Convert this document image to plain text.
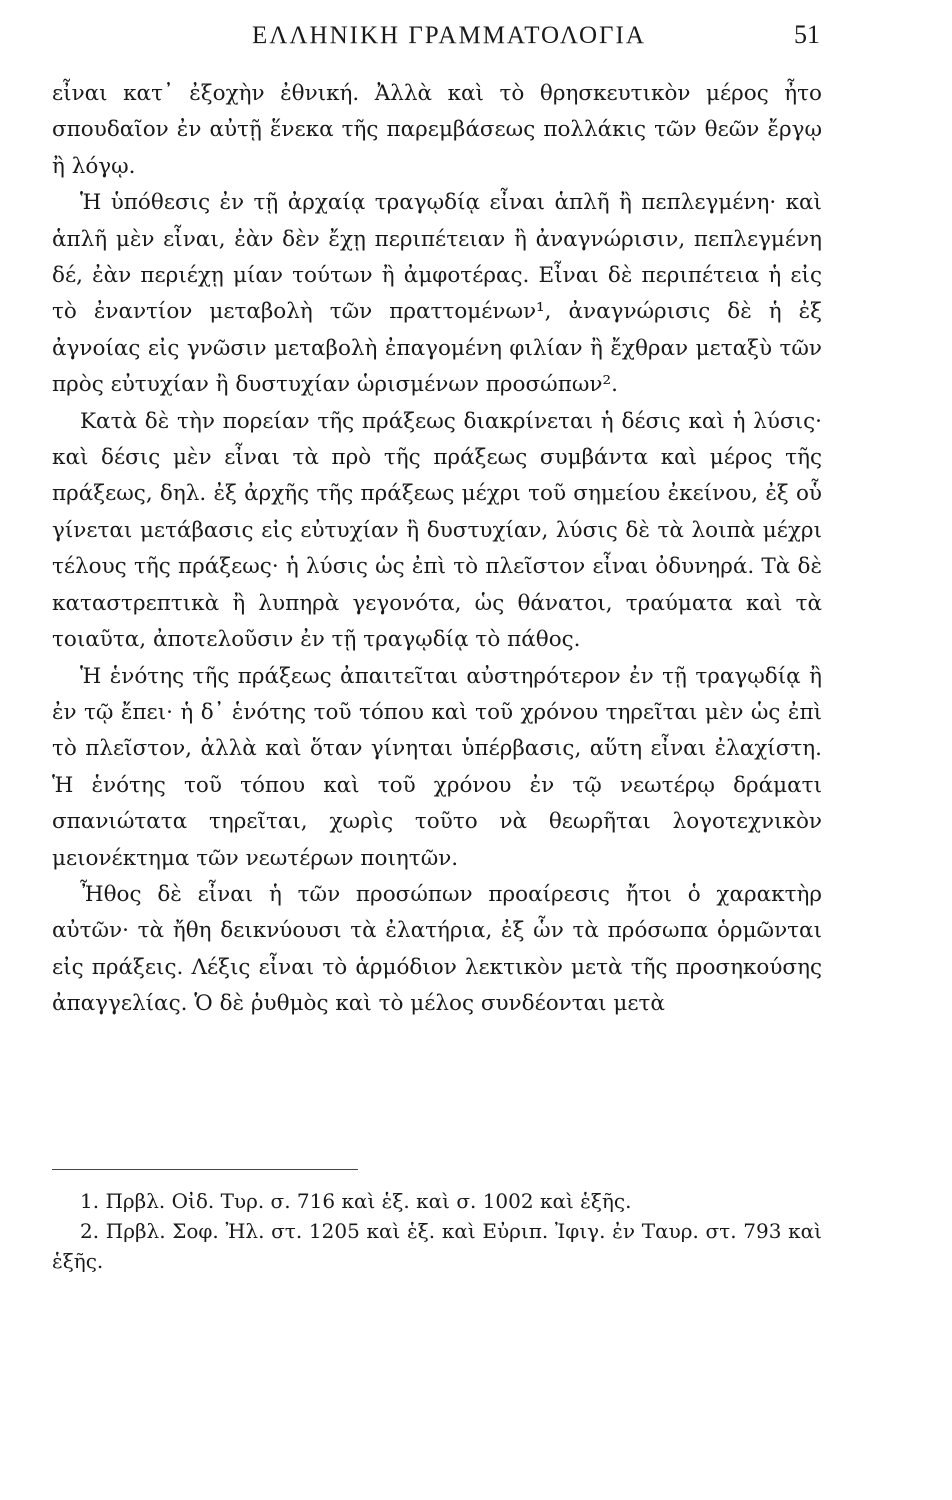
ΕΛΛΗΝΙΚΗ ΓΡΑΜΜΑΤΟΛΟΓΙΑ	51

εἶναι κατ᾿ ἐξοχὴν ἐθνική. Ἀλλὰ καὶ τὸ θρησκευτικὸν μέρος ἦτο σπουδαῖον ἐν αὐτῇ ἕνεκα τῆς παρεμβάσεως πολλάκις τῶν θεῶν ἔργῳ ἢ λόγῳ.

Ἡ ὑπόθεσις ἐν τῇ ἀρχαίᾳ τραγῳδίᾳ εἶναι ἁπλῆ ἢ πεπλεγμένη· καὶ ἁπλῆ μὲν εἶναι, ἐὰν δὲν ἔχῃ περιπέτειαν ἢ ἀναγνώρισιν, πεπλεγμένη δέ, ἐὰν περιέχῃ μίαν τούτων ἢ ἀμφοτέρας. Εἶναι δὲ περιπέτεια ἡ εἰς τὸ ἐναντίον μεταβολὴ τῶν πραττομένων¹, ἀναγνώρισις δὲ ἡ ἐξ ἀγνοίας εἰς γνῶσιν μεταβολὴ ἐπαγομένη φιλίαν ἢ ἔχθραν μεταξὺ τῶν πρὸς εὐτυχίαν ἢ δυστυχίαν ὡρισμένων προσώπων².

Κατὰ δὲ τὴν πορείαν τῆς πράξεως διακρίνεται ἡ δέσις καὶ ἡ λύσις· καὶ δέσις μὲν εἶναι τὰ πρὸ τῆς πράξεως συμβάντα καὶ μέρος τῆς πράξεως, δηλ. ἐξ ἀρχῆς τῆς πράξεως μέχρι τοῦ σημείου ἐκείνου, ἐξ οὗ γίνεται μετάβασις εἰς εὐτυχίαν ἢ δυστυχίαν, λύσις δὲ τὰ λοιπὰ μέχρι τέλους τῆς πράξεως· ἡ λύσις ὡς ἐπὶ τὸ πλεῖστον εἶναι ὀδυνηρά. Τὰ δὲ καταστρεπτικὰ ἢ λυπηρὰ γεγονότα, ὡς θάνατοι, τραύματα καὶ τὰ τοιαῦτα, ἀποτελοῦσιν ἐν τῇ τραγῳδίᾳ τὸ πάθος.

Ἡ ἑνότης τῆς πράξεως ἀπαιτεῖται αὐστηρότερον ἐν τῇ τραγῳδίᾳ ἢ ἐν τῷ ἔπει· ἡ δ᾿ ἑνότης τοῦ τόπου καὶ τοῦ χρόνου τηρεῖται μὲν ὡς ἐπὶ τὸ πλεῖστον, ἀλλὰ καὶ ὅταν γίνηται ὑπέρβασις, αὕτη εἶναι ἐλαχίστη. Ἡ ἑνότης τοῦ τόπου καὶ τοῦ χρόνου ἐν τῷ νεωτέρῳ δράματι σπανιώτατα τηρεῖται, χωρὶς τοῦτο νὰ θεωρῆται λογοτεχνικὸν μειονέκτημα τῶν νεωτέρων ποιητῶν.

Ἦθος δὲ εἶναι ἡ τῶν προσώπων προαίρεσις ἤτοι ὁ χαρακτὴρ αὐτῶν· τὰ ἤθη δεικνύουσι τὰ ἐλατήρια, ἐξ ὧν τὰ πρόσωπα ὁρμῶνται εἰς πράξεις. Λέξις εἶναι τὸ ἁρμόδιον λεκτικὸν μετὰ τῆς προσηκούσης ἀπαγγελίας. Ὁ δὲ ῥυθμὸς καὶ τὸ μέλος συνδέονται μετὰ

1. Πρβλ. Οἰδ. Τυρ. σ. 716 καὶ ἑξ. καὶ σ. 1002 καὶ ἑξῆς.

2. Πρβλ. Σοφ. Ἠλ. στ. 1205 καὶ ἑξ. καὶ Εὐριπ. Ἰφιγ. ἐν Ταυρ. στ. 793 καὶ ἑξῆς.
